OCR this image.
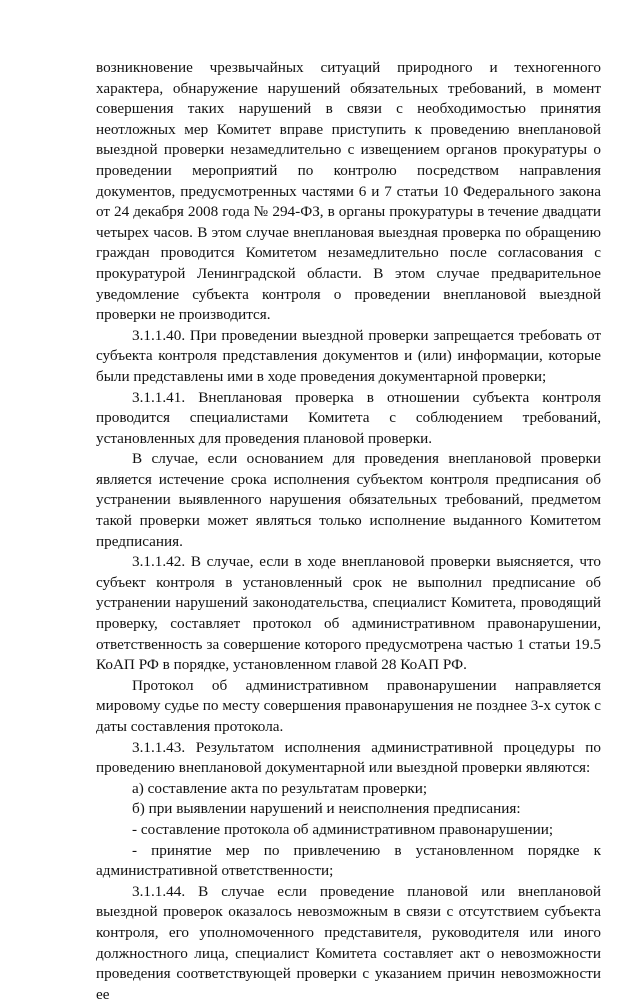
возникновение чрезвычайных ситуаций природного и техногенного характера, обнаружение нарушений обязательных требований, в момент совершения таких нарушений в связи с необходимостью принятия неотложных мер Комитет вправе приступить к проведению внеплановой выездной проверки незамедлительно с извещением органов прокуратуры о проведении мероприятий по контролю посредством направления документов, предусмотренных частями 6 и 7 статьи 10 Федерального закона от 24 декабря 2008 года № 294-ФЗ, в органы прокуратуры в течение двадцати четырех часов. В этом случае внеплановая выездная проверка по обращению граждан проводится Комитетом незамедлительно после согласования с прокуратурой Ленинградской области. В этом случае предварительное уведомление субъекта контроля о проведении внеплановой выездной проверки не производится.

3.1.1.40. При проведении выездной проверки запрещается требовать от субъекта контроля представления документов и (или) информации, которые были представлены ими в ходе проведения документарной проверки;

3.1.1.41. Внеплановая проверка в отношении субъекта контроля проводится специалистами Комитета с соблюдением требований, установленных для проведения плановой проверки.

В случае, если основанием для проведения внеплановой проверки является истечение срока исполнения субъектом контроля предписания об устранении выявленного нарушения обязательных требований, предметом такой проверки может являться только исполнение выданного Комитетом предписания.

3.1.1.42. В случае, если в ходе внеплановой проверки выясняется, что субъект контроля в установленный срок не выполнил предписание об устранении нарушений законодательства, специалист Комитета, проводящий проверку, составляет протокол об административном правонарушении, ответственность за совершение которого предусмотрена частью 1 статьи 19.5 КоАП РФ в порядке, установленном главой 28 КоАП РФ.

Протокол об административном правонарушении направляется мировому судье по месту совершения правонарушения не позднее 3-х суток с даты составления протокола.

3.1.1.43. Результатом исполнения административной процедуры по проведению внеплановой документарной или выездной проверки являются:

а) составление акта по результатам проверки;

б) при выявлении нарушений и неисполнения предписания:

- составление протокола об административном правонарушении;

- принятие мер по привлечению в установленном порядке к административной ответственности;

3.1.1.44. В случае если проведение плановой или внеплановой выездной проверок оказалось невозможным в связи с отсутствием субъекта контроля, его уполномоченного представителя, руководителя или иного должностного лица, специалист Комитета составляет акт о невозможности проведения соответствующей проверки с указанием причин невозможности ее
